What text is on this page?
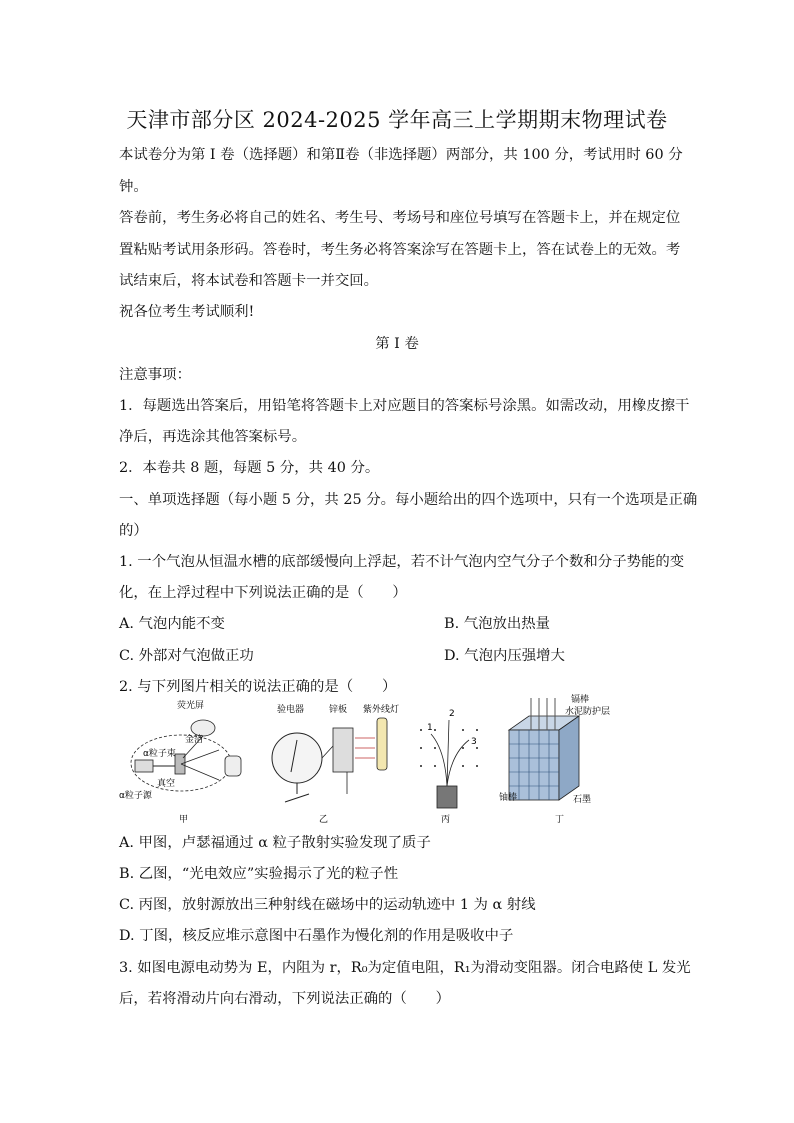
天津市部分区 2024-2025 学年高三上学期期末物理试卷
本试卷分为第 I 卷（选择题）和第Ⅱ卷（非选择题）两部分，共 100 分，考试用时 60 分
钟。
答卷前，考生务必将自己的姓名、考生号、考场号和座位号填写在答题卡上，并在规定位
置粘贴考试用条形码。答卷时，考生务必将答案涂写在答题卡上，答在试卷上的无效。考
试结束后，将本试卷和答题卡一并交回。
祝各位考生考试顺利!
第 I 卷
注意事项：
1．每题选出答案后，用铅笔将答题卡上对应题目的答案标号涂黑。如需改动，用橡皮擦干
净后，再选涂其他答案标号。
2．本卷共 8 题，每题 5 分，共 40 分。
一、单项选择题（每小题 5 分，共 25 分。每小题给出的四个选项中，只有一个选项是正确
的）
1. 一个气泡从恒温水槽的底部缓慢向上浮起，若不计气泡内空气分子个数和分子势能的变
化，在上浮过程中下列说法正确的是（　　）
A. 气泡内能不变	B. 气泡放出热量
C. 外部对气泡做正功	D. 气泡内压强增大
2. 与下列图片相关的说法正确的是（　　）
荧光屏
金箔
α粒子束
真空
α粒子源
甲
验电器	锌板 紫外线灯
乙
1
2
3
丙
镉棒
水泥防护层
铀棒	石墨
丁
A. 甲图，卢瑟福通过 α 粒子散射实验发现了质子
B. 乙图，“光电效应”实验揭示了光的粒子性
C. 丙图，放射源放出三种射线在磁场中的运动轨迹中 1 为 α 射线
D. 丁图，核反应堆示意图中石墨作为慢化剂的作用是吸收中子
3. 如图电源电动势为 E，内阻为 r，R₀为定值电阻，R₁为滑动变阻器。闭合电路使 L 发光
后，若将滑动片向右滑动，下列说法正确的（　　）
